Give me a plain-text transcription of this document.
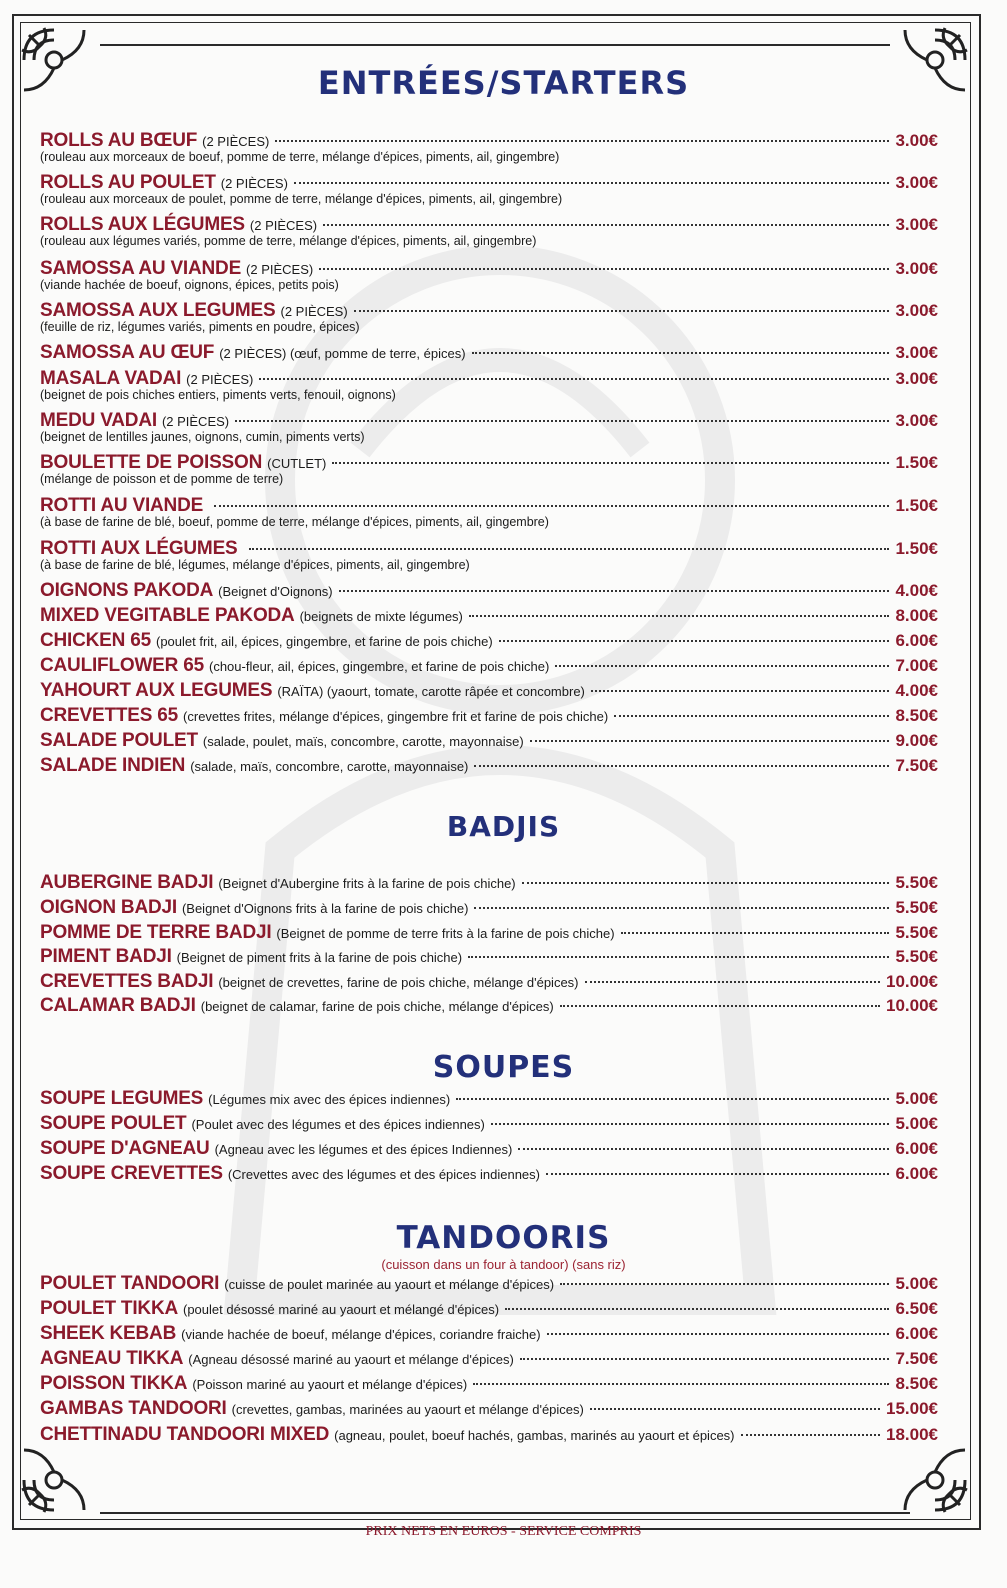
ENTRÉES/STARTERS
BADJIS
SOUPES
TANDOORIS
(cuisson dans un four à tandoor) (sans riz)
ROLLS AU BŒUF (2 PIÈCES)	3.00€
(rouleau aux morceaux de boeuf, pomme de terre, mélange d'épices, piments, ail, gingembre)
ROLLS AU POULET (2 PIÈCES)	3.00€
(rouleau aux morceaux de poulet, pomme de terre, mélange d'épices, piments, ail, gingembre)
ROLLS AUX LÉGUMES (2 PIÈCES)	3.00€
(rouleau aux légumes variés, pomme de terre, mélange d'épices, piments, ail, gingembre)
SAMOSSA AU VIANDE (2 PIÈCES)	3.00€
(viande hachée de boeuf, oignons, épices, petits pois)
SAMOSSA AUX LEGUMES (2 PIÈCES)	3.00€
(feuille de riz, légumes variés, piments en poudre, épices)
SAMOSSA AU ŒUF (2 PIÈCES) (œuf, pomme de terre, épices)	3.00€
MASALA VADAI (2 PIÈCES)	3.00€
(beignet de pois chiches entiers, piments verts, fenouil, oignons)
MEDU VADAI (2 PIÈCES)	3.00€
(beignet de lentilles jaunes, oignons, cumin, piments verts)
BOULETTE DE POISSON (CUTLET)	1.50€
(mélange de poisson et de pomme de terre)
ROTTI AU VIANDE	1.50€
(à base de farine de blé, boeuf, pomme de terre, mélange d'épices, piments, ail, gingembre)
ROTTI AUX LÉGUMES	1.50€
(à base de farine de blé, légumes, mélange d'épices, piments, ail, gingembre)
OIGNONS PAKODA (Beignet d'Oignons)	4.00€
MIXED VEGITABLE PAKODA (beignets de mixte légumes)	8.00€
CHICKEN 65 (poulet frit, ail, épices, gingembre, et farine de pois chiche)	6.00€
CAULIFLOWER 65 (chou-fleur, ail, épices, gingembre, et farine de pois chiche)	7.00€
YAHOURT AUX LEGUMES (RAÏTA) (yaourt, tomate, carotte râpée et concombre)	4.00€
CREVETTES 65 (crevettes frites, mélange d'épices, gingembre frit et farine de pois chiche)	8.50€
SALADE POULET (salade, poulet, maïs, concombre, carotte, mayonnaise)	9.00€
SALADE INDIEN (salade, maïs, concombre, carotte, mayonnaise)	7.50€
AUBERGINE BADJI (Beignet d'Aubergine frits à la farine de pois chiche)	5.50€
OIGNON BADJI (Beignet d'Oignons frits à la farine de pois chiche)	5.50€
POMME DE TERRE BADJI (Beignet de pomme de terre frits à la farine de pois chiche)	5.50€
PIMENT BADJI (Beignet de piment frits à la farine de pois chiche)	5.50€
CREVETTES BADJI (beignet de crevettes, farine de pois chiche, mélange d'épices)	10.00€
CALAMAR BADJI (beignet de calamar, farine de pois chiche, mélange d'épices)	10.00€
SOUPE LEGUMES (Légumes mix avec des épices indiennes)	5.00€
SOUPE POULET (Poulet avec des légumes et des épices indiennes)	5.00€
SOUPE D'AGNEAU (Agneau avec les légumes et des épices Indiennes)	6.00€
SOUPE CREVETTES (Crevettes avec des légumes et des épices indiennes)	6.00€
POULET TANDOORI (cuisse de poulet marinée au yaourt et mélange d'épices)	5.00€
POULET TIKKA (poulet désossé mariné au yaourt et mélangé d'épices)	6.50€
SHEEK KEBAB (viande hachée de boeuf, mélange d'épices, coriandre fraiche)	6.00€
AGNEAU TIKKA (Agneau désossé mariné au yaourt et mélange d'épices)	7.50€
POISSON TIKKA (Poisson mariné au yaourt et mélange d'épices)	8.50€
GAMBAS TANDOORI (crevettes, gambas, marinées au yaourt et mélange d'épices)	15.00€
CHETTINADU TANDOORI MIXED (agneau, poulet, boeuf hachés, gambas, marinés au yaourt et épices)	18.00€
PRIX NETS EN EUROS - SERVICE COMPRIS
